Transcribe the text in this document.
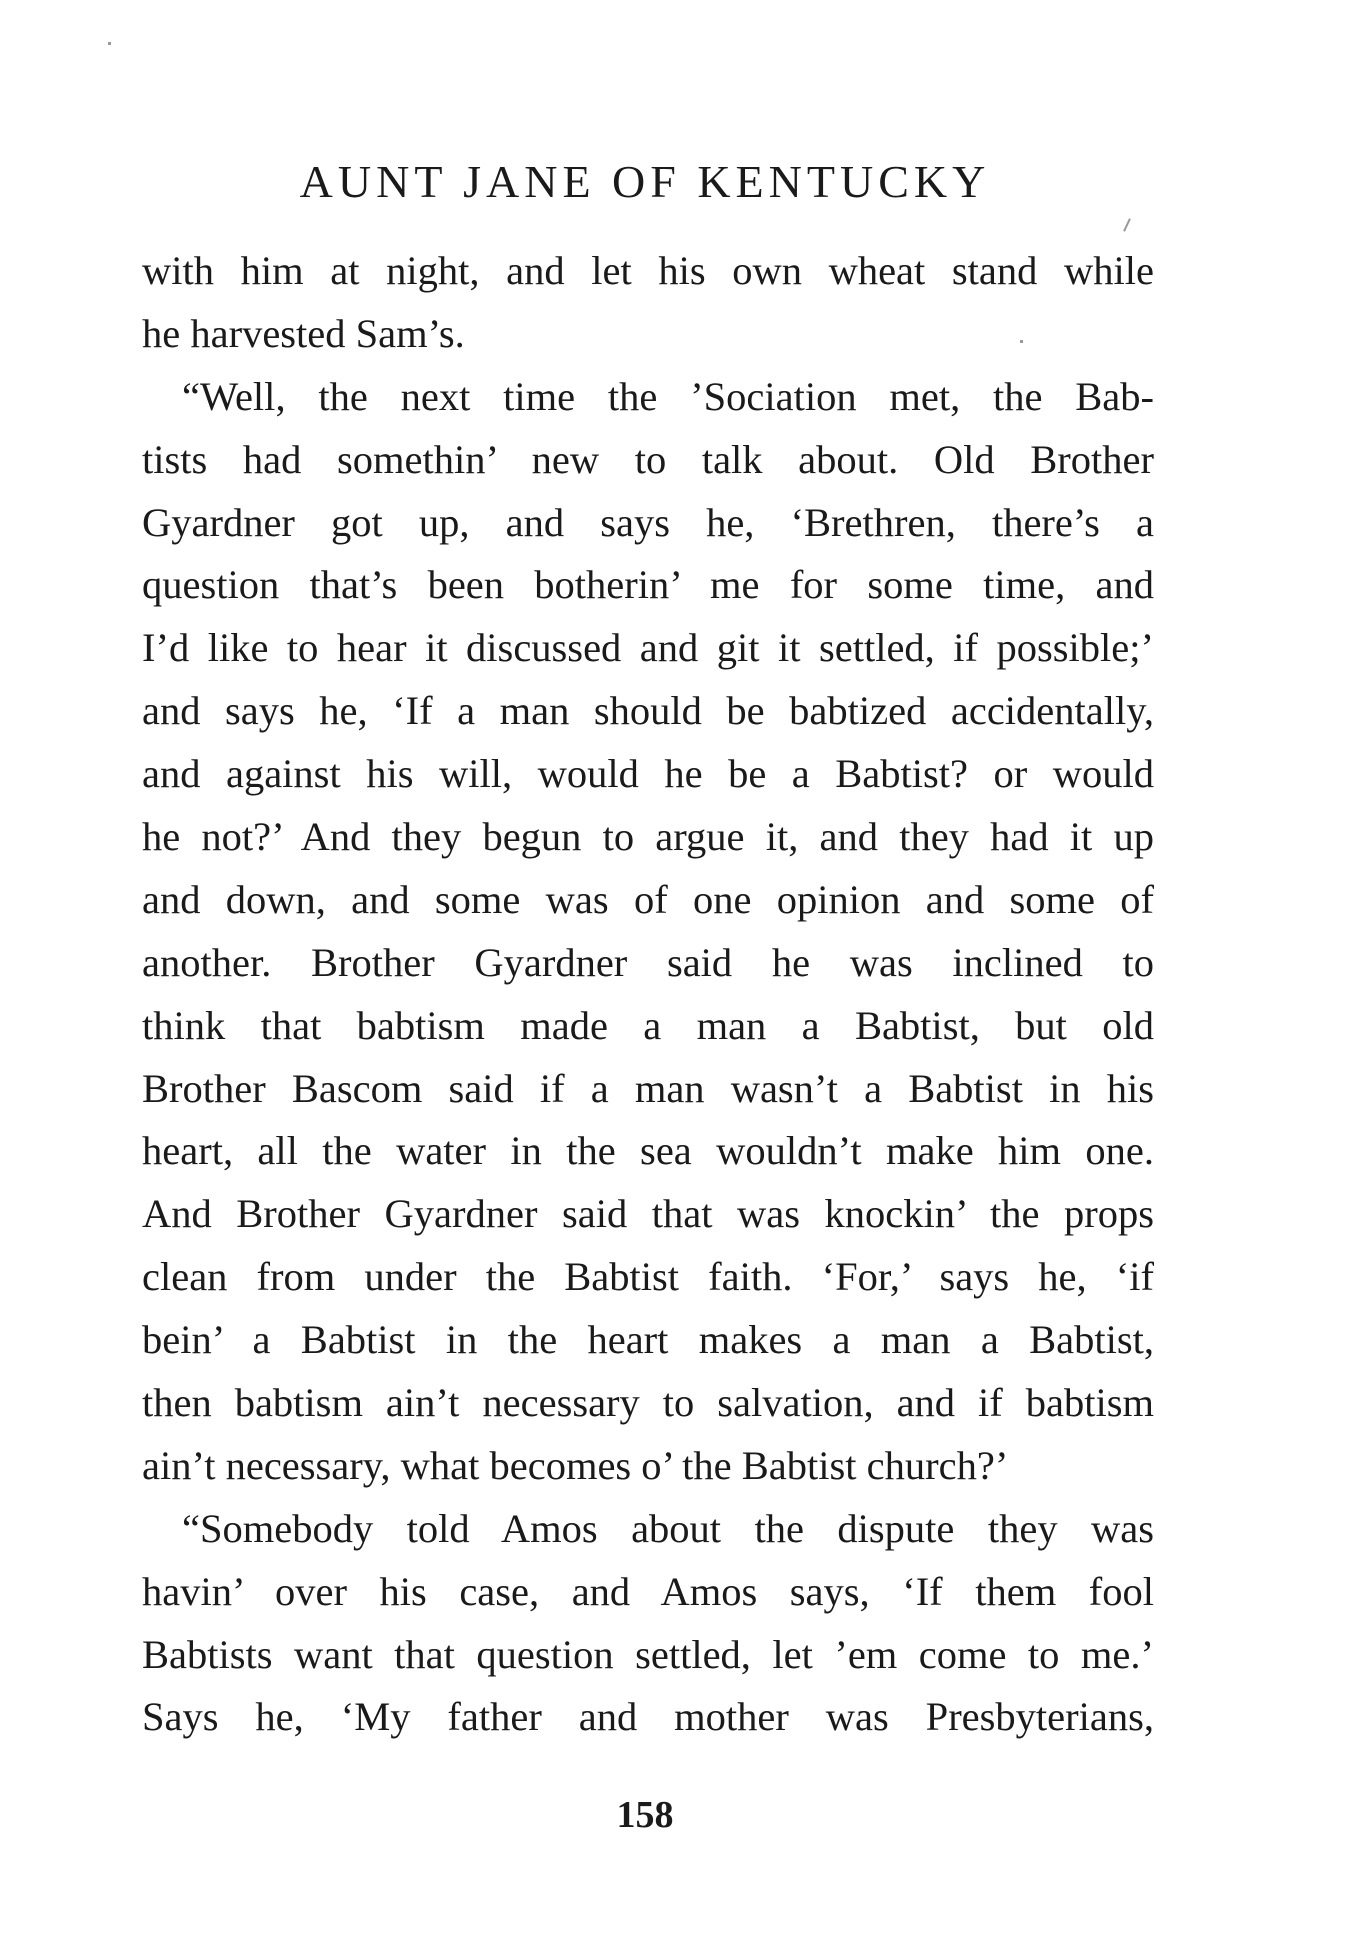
AUNT JANE OF KENTUCKY
with him at night, and let his own wheat stand while
he harvested Sam’s.
“Well, the next time the ’Sociation met, the Bab-
tists had somethin’ new to talk about. Old Brother
Gyardner got up, and says he, ‘Brethren, there’s a
question that’s been botherin’ me for some time, and
I’d like to hear it discussed and git it settled, if possible;’
and says he, ‘If a man should be babtized accidentally,
and against his will, would he be a Babtist? or would
he not?’ And they begun to argue it, and they had it up
and down, and some was of one opinion and some of
another. Brother Gyardner said he was inclined to
think that babtism made a man a Babtist, but old
Brother Bascom said if a man wasn’t a Babtist in his
heart, all the water in the sea wouldn’t make him one.
And Brother Gyardner said that was knockin’ the props
clean from under the Babtist faith. ‘For,’ says he, ‘if
bein’ a Babtist in the heart makes a man a Babtist,
then babtism ain’t necessary to salvation, and if babtism
ain’t necessary, what becomes o’ the Babtist church?’
“Somebody told Amos about the dispute they was
havin’ over his case, and Amos says, ‘If them fool
Babtists want that question settled, let ’em come to me.’
Says he, ‘My father and mother was Presbyterians,
158
